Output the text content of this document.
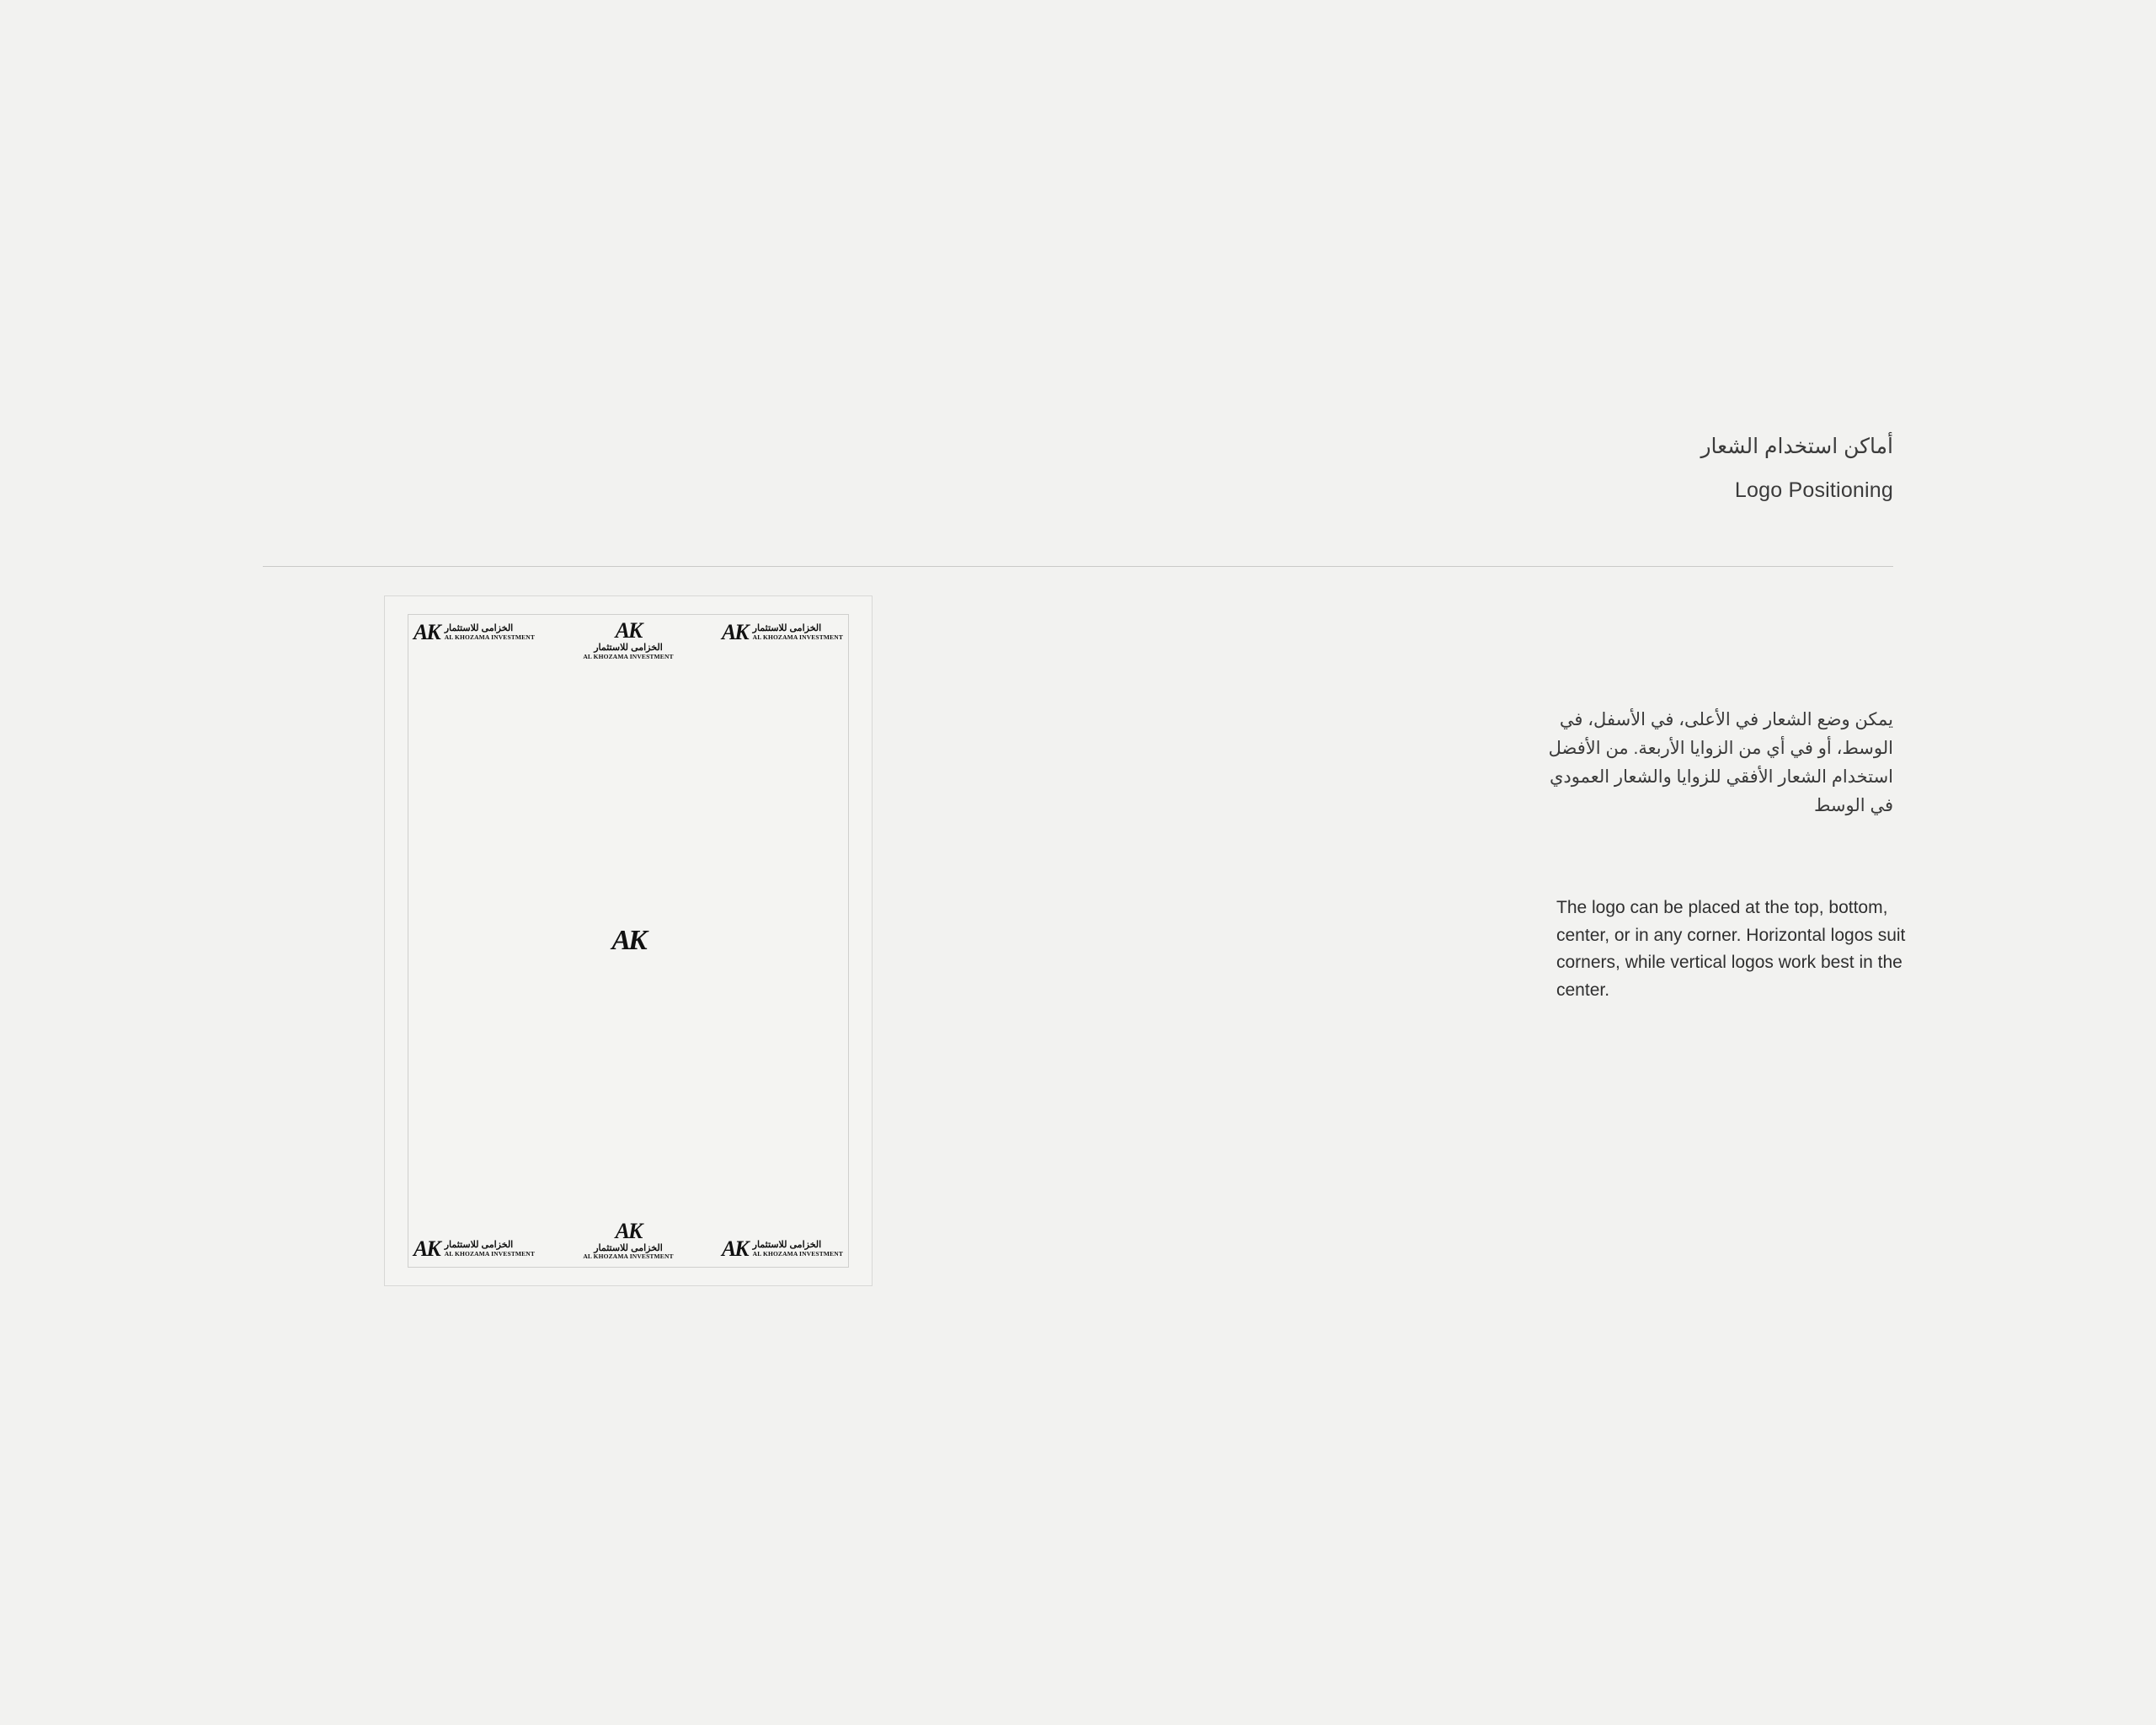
أماكن استخدام الشعار
Logo Positioning
AK الخزامى للاستثمار
AL KHOZAMA INVESTMENT	AK
الخزامى للاستثمار
AL KHOZAMA INVESTMENT
AK الخزامى للاستثمار
AL KHOZAMA INVESTMENT
AK
AK الخزامى للاستثمار
AL KHOZAMA INVESTMENT
AK
الخزامى للاستثمار
AL KHOZAMA INVESTMENT AK الخزامى للاستثمار
AL KHOZAMA INVESTMENT
يمكن وضع الشعار في الأعلى، في الأسفل، في الوسط، أو في أي من الزوايا الأربعة. من الأفضل استخدام الشعار الأفقي للزوايا والشعار العمودي في الوسط
The logo can be placed at the top, bottom, center, or in any corner. Horizontal logos suit corners, while vertical logos work best in the center.
